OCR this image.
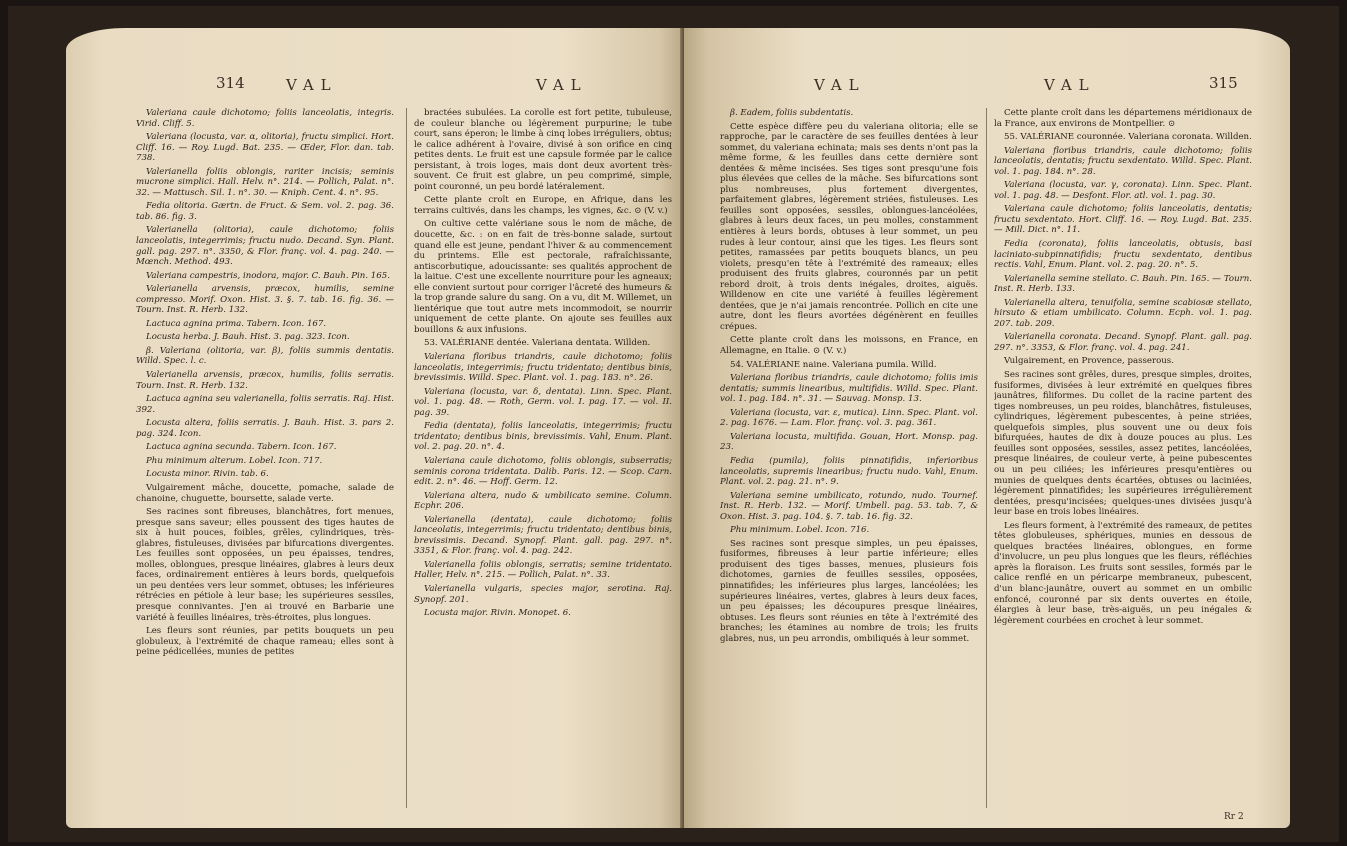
314	VAL	VAL

Valeriana caule dichotomo; foliis lanceolatis, integris. Virid. Cliff. 5.

Valeriana (locusta, var. α, olitoria), fructu simplici. Hort. Cliff. 16. — Roy. Lugd. Bat. 235. — Œder, Flor. dan. tab. 738.

Valerianella foliis oblongis, rariter incisis; seminis mucrone simplici. Hall. Helv. n°. 214. — Pollich, Palat. n°. 32. — Mattusch. Sil. 1. n°. 30. — Kniph. Cent. 4. n°. 95.

Fedia olitoria. Gærtn. de Fruct. & Sem. vol. 2. pag. 36. tab. 86. fig. 3.

Valerianella (olitoria), caule dichotomo; foliis lanceolatis, integerrimis; fructu nudo. Decand. Syn. Plant. gall. pag. 297. n°. 3350, & Flor. franç. vol. 4. pag. 240. — Mœnch. Method. 493.

Valeriana campestris, inodora, major. C. Bauh. Pin. 165.

Valerianella arvensis, præcox, humilis, semine compresso. Morif. Oxon. Hist. 3. §. 7. tab. 16. fig. 36. — Tourn. Inst. R. Herb. 132.

Lactuca agnina prima. Tabern. Icon. 167.

Locusta herba. J. Bauh. Hist. 3. pag. 323. Icon.

β. Valeriana (olitoria, var. β), foliis summis dentatis. Willd. Spec. l. c.

Valerianella arvensis, præcox, humilis, foliis serratis. Tourn. Inst. R. Herb. 132.

Lactuca agnina seu valerianella, foliis serratis. Raj. Hist. 392.

Locusta altera, foliis serratis. J. Bauh. Hist. 3. pars 2. pag. 324. Icon.

Lactuca agnina secunda. Tabern. Icon. 167.

Phu minimum alterum. Lobel. Icon. 717.

Locusta minor. Rivin. tab. 6.

Vulgairement mâche, doucette, pomache, salade de chanoine, chuguette, boursette, salade verte.

Ses racines sont fibreuses, blanchâtres, fort menues, presque sans saveur; elles poussent des tiges hautes de six à huit pouces, foibles, grêles, cylindriques, très-glabres, fistuleuses, divisées par bifurcations divergentes. Les feuilles sont opposées, un peu épaisses, tendres, molles, oblongues, presque linéaires, glabres à leurs deux faces, ordinairement entières à leurs bords, quelquefois un peu dentées vers leur sommet, obtuses; les inférieures rétrécies en pétiole à leur base; les supérieures sessiles, presque connivantes. J'en ai trouvé en Barbarie une variété à feuilles linéaires, très-étroites, plus longues.

Les fleurs sont réunies, par petits bouquets un peu globuleux, à l'extrémité de chaque rameau; elles sont à peine pédicellées, munies de petites

bractées subulées. La corolle est fort petite, tubuleuse, de couleur blanche ou légèrement purpurine; le tube court, sans éperon; le limbe à cinq lobes irréguliers, obtus; le calice adhérent à l'ovaire, divisé à son orifice en cinq petites dents. Le fruit est une capsule formée par le calice persistant, à trois loges, mais dont deux avortent très-souvent. Ce fruit est glabre, un peu comprimé, simple, point couronné, un peu bordé latéralement.

Cette plante croît en Europe, en Afrique, dans les terrains cultivés, dans les champs, les vignes, &c. ⊙ (V. v.)

On cultive cette valériane sous le nom de mâche, de doucette, &c. : on en fait de très-bonne salade, surtout quand elle est jeune, pendant l'hiver & au commencement du printems. Elle est pectorale, rafraîchissante, antiscorbutique, adoucissante: ses qualités approchent de la laitue. C'est une excellente nourriture pour les agneaux; elle convient surtout pour corriger l'âcreté des humeurs & la trop grande salure du sang. On a vu, dit M. Willemet, un lientérique que tout autre mets incommodoit, se nourrir uniquement de cette plante. On ajoute ses feuilles aux bouillons & aux infusions.

53. VALÉRIANE dentée. Valeriana dentata. Willden.

Valeriana floribus triandris, caule dichotomo; foliis lanceolatis, integerrimis; fructu tridentato; dentibus binis, brevissimis. Willd. Spec. Plant. vol. 1. pag. 183. n°. 26.

Valeriana (locusta, var. δ, dentata). Linn. Spec. Plant. vol. 1. pag. 48. — Roth, Germ. vol. I. pag. 17. — vol. II. pag. 39.

Fedia (dentata), foliis lanceolatis, integerrimis; fructu tridentato; dentibus binis, brevissimis. Vahl, Enum. Plant. vol. 2. pag. 20. n°. 4.

Valeriana caule dichotomo, foliis oblongis, subserratis; seminis corona tridentata. Dalib. Paris. 12. — Scop. Carn. edit. 2. n°. 46. — Hoff. Germ. 12.

Valeriana altera, nudo & umbilicato semine. Column. Ecphr. 206.

Valerianella (dentata), caule dichotomo; foliis lanceolatis, integerrimis; fructu tridentato; dentibus binis, brevissimis. Decand. Synopf. Plant. gall. pag. 297. n°. 3351, & Flor. franç. vol. 4. pag. 242.

Valerianella foliis oblongis, serratis; semine tridentato. Haller, Helv. n°. 215. — Pollich, Palat. n°. 33.

Valerianella vulgaris, species major, serotina. Raj. Synopf. 201.

Locusta major. Rivin. Monopet. 6.

VAL	VAL	315

β. Eadem, foliis subdentatis.

Cette espèce diffère peu du valeriana olitoria; elle se rapproche, par le caractère de ses feuilles dentées à leur sommet, du valeriana echinata; mais ses dents n'ont pas la même forme, & les feuilles dans cette dernière sont dentées & même incisées. Ses tiges sont presqu'une fois plus élevées que celles de la mâche. Ses bifurcations sont plus nombreuses, plus fortement divergentes, parfaitement glabres, légèrement striées, fistuleuses. Les feuilles sont opposées, sessiles, oblongues-lancéolées, glabres à leurs deux faces, un peu molles, constamment entières à leurs bords, obtuses à leur sommet, un peu rudes à leur contour, ainsi que les tiges. Les fleurs sont petites, ramassées par petits bouquets blancs, un peu violets, presqu'en tête à l'extrémité des rameaux; elles produisent des fruits glabres, couronnés par un petit rebord droit, à trois dents inégales, droites, aiguës. Willdenow en cite une variété à feuilles légèrement dentées, que je n'ai jamais rencontrée. Pollich en cite une autre, dont les fleurs avortées dégénèrent en feuilles crépues.

Cette plante croît dans les moissons, en France, en Allemagne, en Italie. ⊙ (V. v.)

54. VALÉRIANE naine. Valeriana pumila. Willd.

Valeriana floribus triandris, caule dichotomo; foliis imis dentatis; summis linearibus, multifidis. Willd. Spec. Plant. vol. 1. pag. 184. n°. 31. — Sauvag. Monsp. 13.

Valeriana (locusta, var. ε, mutica). Linn. Spec. Plant. vol. 2. pag. 1676. — Lam. Flor. franç. vol. 3. pag. 361.

Valeriana locusta, multifida. Gouan, Hort. Monsp. pag. 23.

Fedia (pumila), foliis pinnatifidis, inferioribus lanceolatis, supremis linearibus; fructu nudo. Vahl, Enum. Plant. vol. 2. pag. 21. n°. 9.

Valeriana semine umbilicato, rotundo, nudo. Tournef. Inst. R. Herb. 132. — Morif. Umbell. pag. 53. tab. 7, & Oxon. Hist. 3. pag. 104. §. 7. tab. 16. fig. 32.

Phu minimum. Lobel. Icon. 716.

Ses racines sont presque simples, un peu épaisses, fusiformes, fibreuses à leur partie inférieure; elles produisent des tiges basses, menues, plusieurs fois dichotomes, garnies de feuilles sessiles, opposées, pinnatifides; les inférieures plus larges, lancéolées; les supérieures linéaires, vertes, glabres à leurs deux faces, un peu épaisses; les découpures presque linéaires, obtuses. Les fleurs sont réunies en tête à l'extrémité des branches; les étamines au nombre de trois; les fruits glabres, nus, un peu arrondis, ombiliqués à leur sommet.

Cette plante croît dans les départemens méridionaux de la France, aux environs de Montpellier. ⊙

55. VALÉRIANE couronnée. Valeriana coronata. Willden.

Valeriana floribus triandris, caule dichotomo; foliis lanceolatis, dentatis; fructu sexdentato. Willd. Spec. Plant. vol. 1. pag. 184. n°. 28.

Valeriana (locusta, var. γ, coronata). Linn. Spec. Plant. vol. 1. pag. 48. — Desfont. Flor. atl. vol. 1. pag. 30.

Valeriana caule dichotomo; foliis lanceolatis, dentatis; fructu sexdentato. Hort. Cliff. 16. — Roy. Lugd. Bat. 235. — Mill. Dict. n°. 11.

Fedia (coronata), foliis lanceolatis, obtusis, basi laciniato-subpinnatifidis; fructu sexdentato, dentibus rectis. Vahl, Enum. Plant. vol. 2. pag. 20. n°. 5.

Valerianella semine stellato. C. Bauh. Pin. 165. — Tourn. Inst. R. Herb. 133.

Valerianella altera, tenuifolia, semine scabiosæ stellato, hirsuto & etiam umbilicato. Column. Ecph. vol. 1. pag. 207. tab. 209.

Valerianella coronata. Decand. Synopf. Plant. gall. pag. 297. n°. 3353, & Flor. franç. vol. 4. pag. 241.

Vulgairement, en Provence, passerous.

Ses racines sont grêles, dures, presque simples, droites, fusiformes, divisées à leur extrémité en quelques fibres jaunâtres, filiformes. Du collet de la racine partent des tiges nombreuses, un peu roides, blanchâtres, fistuleuses, cylindriques, légèrement pubescentes, à peine striées, quelquefois simples, plus souvent une ou deux fois bifurquées, hautes de dix à douze pouces au plus. Les feuilles sont opposées, sessiles, assez petites, lancéolées, presque linéaires, de couleur verte, à peine pubescentes ou un peu ciliées; les inférieures presqu'entières ou munies de quelques dents écartées, obtuses ou laciniées, légèrement pinnatifides; les supérieures irrégulièrement dentées, presqu'incisées; quelques-unes divisées jusqu'à leur base en trois lobes linéaires.

Les fleurs forment, à l'extrémité des rameaux, de petites têtes globuleuses, sphériques, munies en dessous de quelques bractées linéaires, oblongues, en forme d'involucre, un peu plus longues que les fleurs, réfléchies après la floraison. Les fruits sont sessiles, formés par le calice renflé en un péricarpe membraneux, pubescent, d'un blanc-jaunâtre, ouvert au sommet en un ombilic enfoncé, couronné par six dents ouvertes en étoile, élargies à leur base, très-aiguës, un peu inégales & légèrement courbées en crochet à leur sommet.

Rr 2
